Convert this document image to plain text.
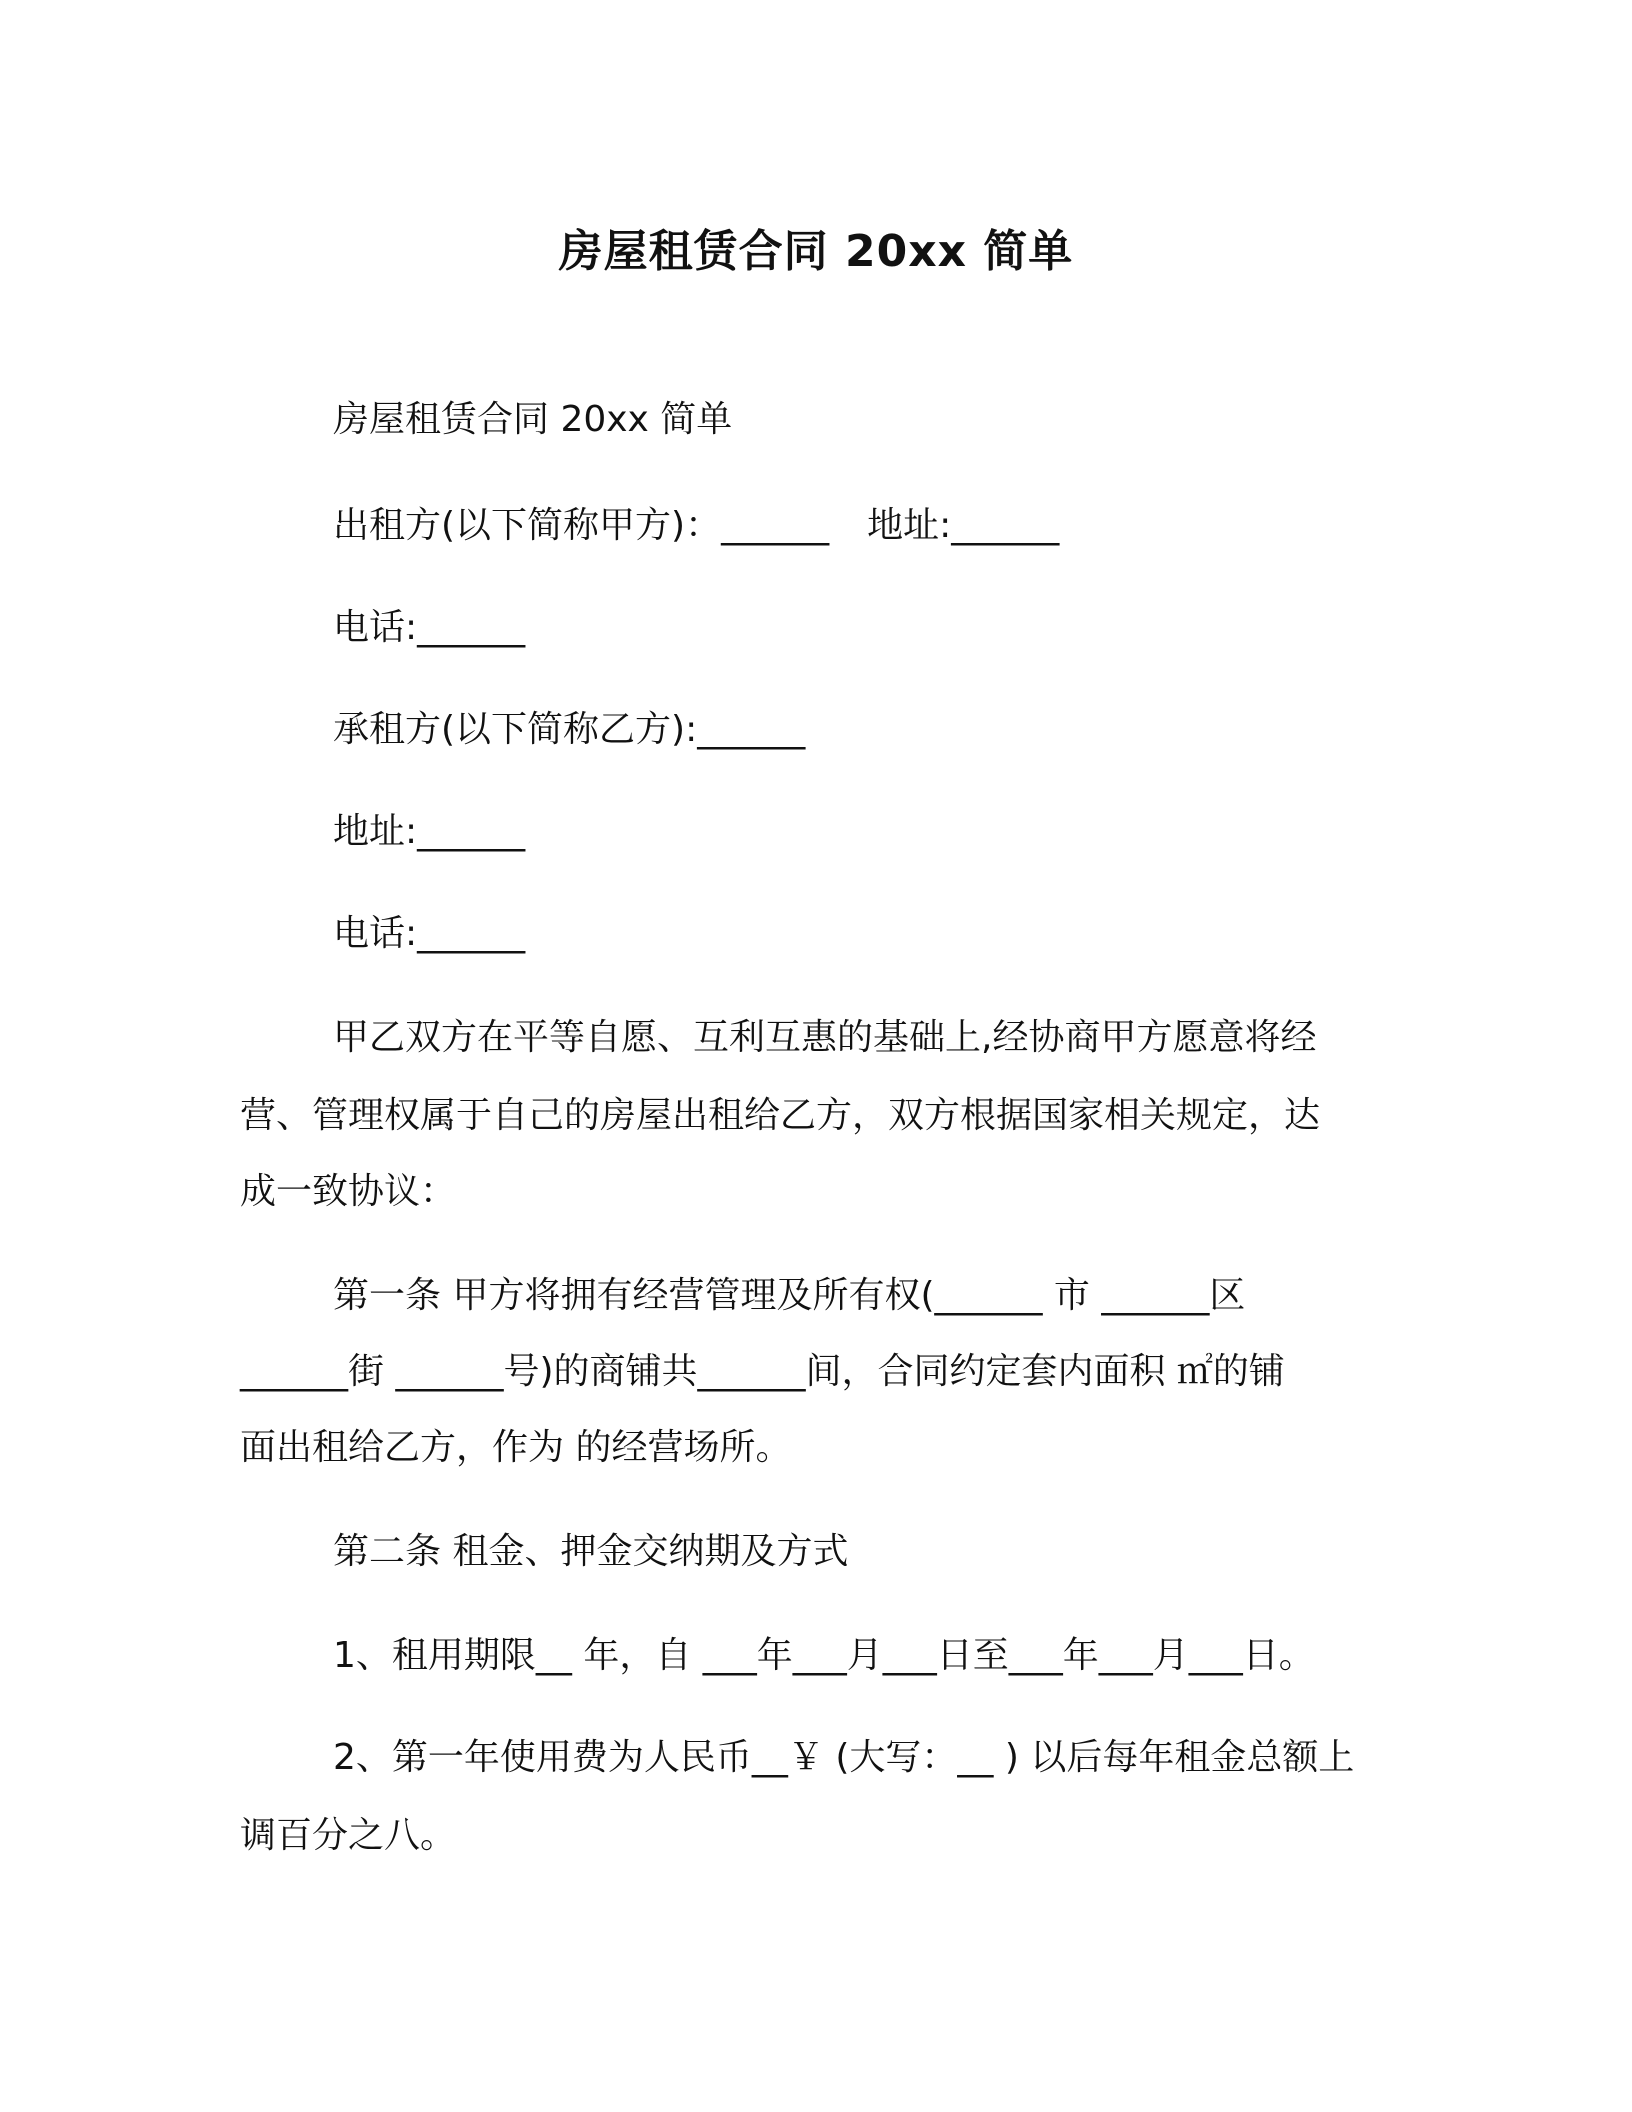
房屋租赁合同 20xx 简单
房屋租赁合同 20xx 简单
出租方(以下简称甲方)：______ 地址:______
电话:______
承租方(以下简称乙方):______
地址:______
电话:______
甲乙双方在平等自愿、互利互惠的基础上,经协商甲方愿意将经
营、管理权属于自己的房屋出租给乙方，双方根据国家相关规定，达
成一致协议：
第一条 甲方将拥有经营管理及所有权(______ 市 ______区
______街 ______号)的商铺共______间，合同约定套内面积 ㎡的铺
面出租给乙方，作为 的经营场所。
第二条 租金、押金交纳期及方式
1、租用期限__ 年，自 ___年___月___日至___年___月___日。
2、第一年使用费为人民币__￥ (大写：__ ) 以后每年租金总额上
调百分之八。
